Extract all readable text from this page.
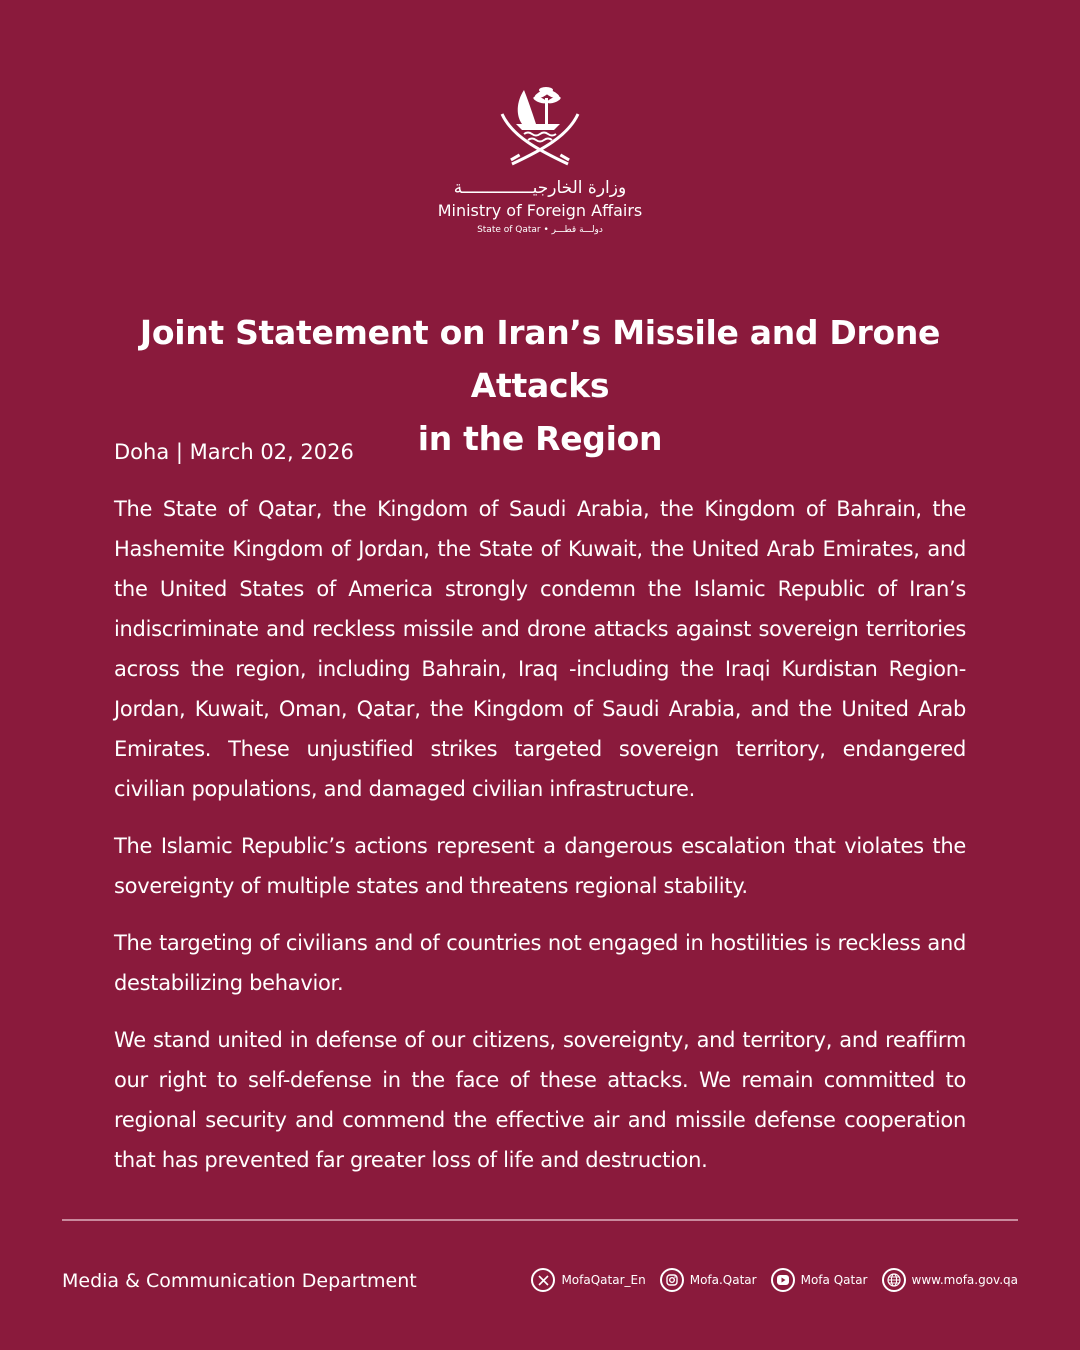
وزارة الخارجيــــــــــــــة
Ministry of Foreign Affairs
State of Qatar • دولـــة قطـــر
Joint Statement on Iran’s Missile and Drone Attacks
in the Region

Doha | March 02, 2026

The State of Qatar, the Kingdom of Saudi Arabia, the Kingdom of Bahrain, the Hashemite Kingdom of Jordan, the State of Kuwait, the United Arab Emirates, and the United States of America strongly condemn the Islamic Republic of Iran’s indiscriminate and reckless missile and drone attacks against sovereign territories across the region, including Bahrain, Iraq -including the Iraqi Kurdistan Region- Jordan, Kuwait, Oman, Qatar, the Kingdom of Saudi Arabia, and the United Arab Emirates. These unjustified strikes targeted sovereign territory, endangered civilian populations, and damaged civilian infrastructure.

The Islamic Republic’s actions represent a dangerous escalation that violates the sovereignty of multiple states and threatens regional stability.

The targeting of civilians and of countries not engaged in hostilities is reckless and destabilizing behavior.

We stand united in defense of our citizens, sovereignty, and territory, and reaffirm our right to self-defense in the face of these attacks. We remain committed to regional security and commend the effective air and missile defense cooperation that has prevented far greater loss of life and destruction.

Media & Communication Department	MofaQatar_En	Mofa.Qatar	Mofa Qatar	www.mofa.gov.qa
